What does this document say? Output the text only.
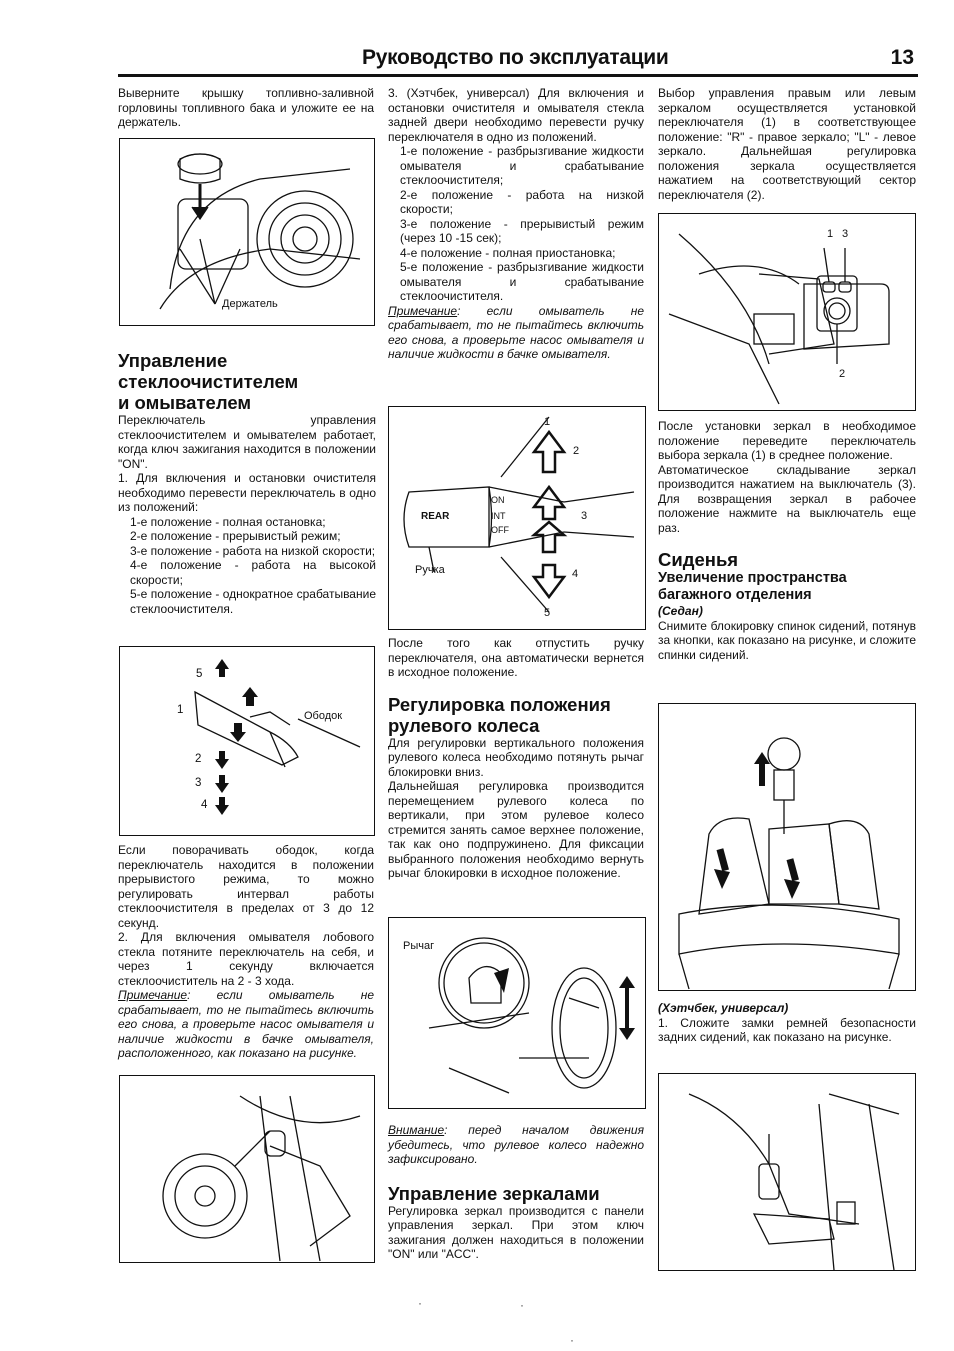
Руководство по эксплуатации	13

Выверните крышку топливно-заливной горловины топливного бака и уложите ее на держатель.

Держатель

Управление

стеклоочистителем

и омывателем

Переключатель управления стеклоочистителем и омывателем работает, когда ключ зажигания находится в положении "ON".

1. Для включения и остановки очистителя необходимо перевести переключатель в одно из положений:

1-е положение - полная остановка;

2-е положение - прерывистый режим;

3-е положение - работа на низкой скорости;

4-е положение - работа на высокой скорости;

5-е положение - однократное срабатывание стеклоочистителя.

5
1
2
3
4
Ободок

Если поворачивать ободок, когда переключатель находится в положении прерывистого режима, то можно регулировать интервал работы стеклоочистителя в пределах от 3 до 12 секунд.

2. Для включения омывателя лобового стекла потяните переключатель на себя, и через 1 секунду включается стеклоочиститель на 2 - 3 хода.

Примечание: если омыватель не срабатывает, то не пытайтесь включить его снова, а проверьте насос омывателя и наличие жидкости в бачке омывателя, расположенного, как показано на рисунке.

3. (Хэтчбек, универсал) Для включения и остановки очистителя и омывателя стекла задней двери необходимо перевести ручку переключателя в одно из положений.

1-е положение - разбрызгивание жидкости омывателя и срабатывание стеклоочистителя;

2-е положение - работа на низкой скорости;

3-е положение - прерывистый режим (через 10 -15 сек);

4-е положение - полная приостановка;

5-е положение - разбрызгивание жидкости омывателя и срабатывание стеклоочистителя.

Примечание: если омыватель не срабатывает, то не пытайтесь включить его снова, а проверьте насос омывателя и наличие жидкости в бачке омывателя.

REAR
ON
INT
OFF
Ручка
1
2
3
4
5

После того как отпустить ручку переключателя, она автоматически вернется в исходное положение.

Регулировка положения

рулевого колеса

Для регулировки вертикального положения рулевого колеса необходимо потянуть рычаг блокировки вниз.

Дальнейшая регулировка производится перемещением рулевого колеса по вертикали, при этом рулевое колесо стремится занять самое верхнее положение, так как оно подпружинено. Для фиксации выбранного положения необходимо вернуть рычаг блокировки в исходное положение.

Рычаг

Внимание: перед началом движения убедитесь, что рулевое колесо надежно зафиксировано.

Управление зеркалами

Регулировка зеркал производится с панели управления зеркал. При этом ключ зажигания должен находиться в положении "ON" или "ACC".

Выбор управления правым или левым зеркалом осуществляется установкой переключателя (1) в соответствующее положение: "R" - правое зеркало; "L" - левое зеркало. Дальнейшая регулировка положения зеркала осуществляется нажатием на соответствующий сектор переключателя (2).

1 3
2

После установки зеркал в необходимое положение переведите переключатель выбора зеркала (1) в среднее положение.

Автоматическое складывание зеркал производится нажатием на выключатель (3). Для возвращения зеркал в рабочее положение нажмите на выключатель еще раз.

Сиденья

Увеличение пространства

багажного отделения

(Седан)

Снимите блокировку спинок сидений, потянув за кнопки, как показано на рисунке, и сложите спинки сидений.

(Хэтчбек, универсал)

1. Сложите замки ремней безопасности задних сидений, как показано на рисунке.

·	·
·
